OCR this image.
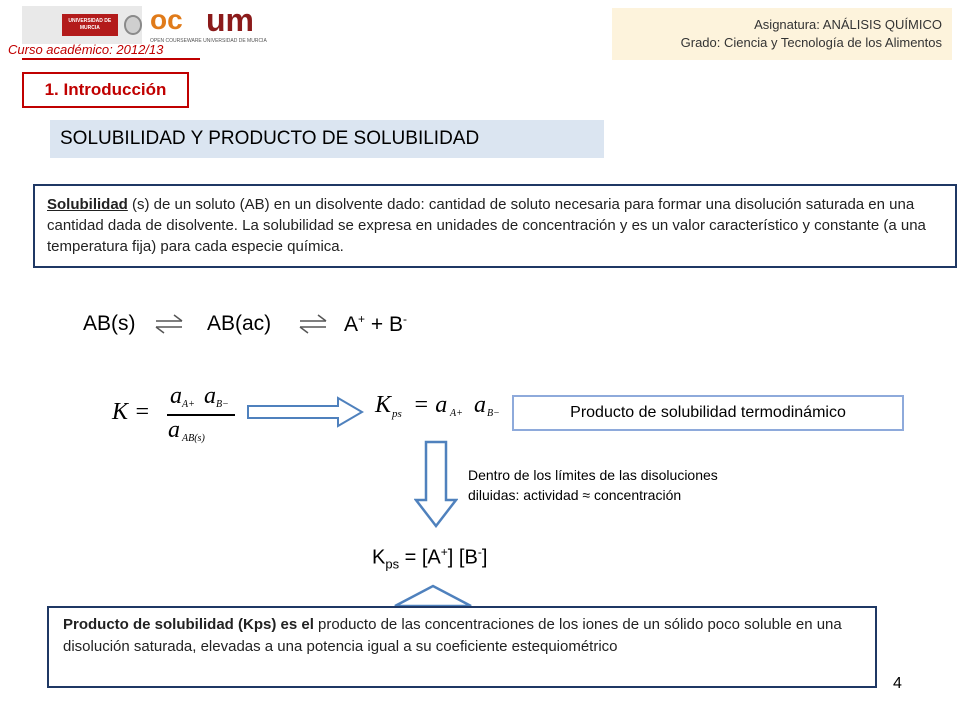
UNIVERSIDAD DE MURCIA	oc um
OPEN COURSEWARE UNIVERSIDAD DE MURCIA
Curso académico: 2012/13
Asignatura: ANÁLISIS QUÍMICO
Grado: Ciencia y Tecnología de los Alimentos
1. Introducción
SOLUBILIDAD Y PRODUCTO DE SOLUBILIDAD
Solubilidad (s) de un soluto (AB) en un disolvente dado: cantidad de soluto necesaria para formar una disolución saturada en una cantidad dada de disolvente. La solubilidad se expresa en unidades de concentración y es un valor característico y constante (a una temperatura fija) para cada especie química.
AB(s) ⇌ AB(ac) ⇌ A+ + B-
K =
a A+ a B−
a AB(s)
K ps = a A+ a B−	Producto de solubilidad termodinámico
Dentro de los límites de las disoluciones
diluidas: actividad ≈ concentración
$K_{ps} = [A^+]$ [B-]
Producto de solubilidad (Kps) es el producto de las concentraciones de los iones de un sólido poco soluble en una disolución saturada, elevadas a una potencia igual a su coeficiente estequiométrico
4
